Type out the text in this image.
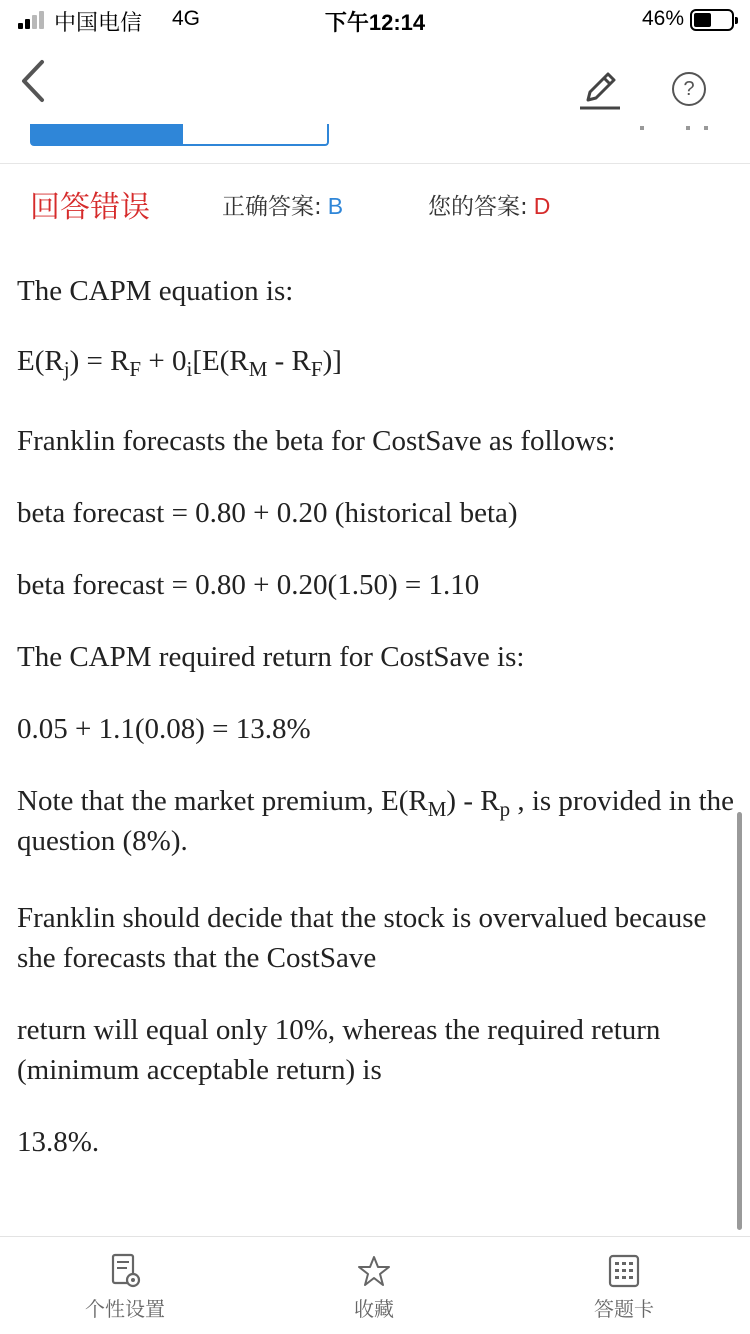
中国电信 4G	下午12:14	46%
?
回答错误	正确答案: B	您的答案: D

The CAPM equation is:

$E(R_j) = R_F + 0_i[E(R_M - R_F)]$

Franklin forecasts the beta for CostSave as follows:

beta forecast = 0.80 + 0.20 (historical beta)

beta forecast = 0.80 + 0.20(1.50) = 1.10

The CAPM required return for CostSave is:

0.05 + 1.1(0.08) = 13.8%

Note that the market premium, $E(R_M) - R_p$ , is provided in the question (8%).

Franklin should decide that the stock is overvalued because she forecasts that the CostSave

return will equal only 10%, whereas the required return (minimum acceptable return) is

13.8%.

个性设置	收藏	答题卡
